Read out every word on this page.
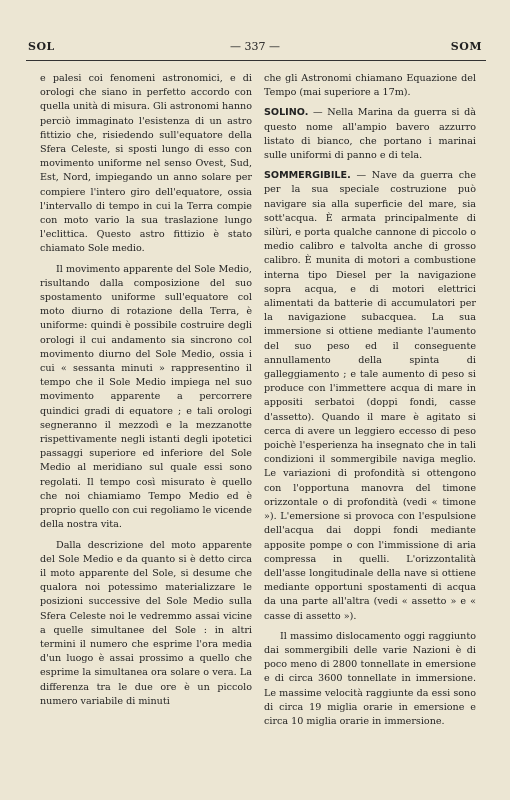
SOL	— 337 —	SOM

e palesi coi fenomeni astronomici, e di orologi che siano in perfetto accordo con quella unità di misura. Gli astronomi hanno perciò immaginato l'esistenza di un astro fittizio che, risiedendo sull'equatore della Sfera Celeste, si sposti lungo di esso con movimento uniforme nel senso Ovest, Sud, Est, Nord, impiegando un anno solare per compiere l'intero giro dell'equatore, ossia l'intervallo di tempo in cui la Terra compie con moto vario la sua traslazione lungo l'eclittica. Questo astro fittizio è stato chiamato Sole medio.

Il movimento apparente del Sole Medio, risultando dalla composizione del suo spostamento uniforme sull'equatore col moto diurno di rotazione della Terra, è uniforme: quindi è possibile costruire degli orologi il cui andamento sia sincrono col movimento diurno del Sole Medio, ossia i cui « sessanta minuti » rappresentino il tempo che il Sole Medio impiega nel suo movimento apparente a percorrere quindici gradi di equatore ; e tali orologi segneranno il mezzodì e la mezzanotte rispettivamente negli istanti degli ipotetici passaggi superiore ed inferiore del Sole Medio al meridiano sul quale essi sono regolati. Il tempo così misurato è quello che noi chiamiamo Tempo Medio ed è proprio quello con cui regoliamo le vicende della nostra vita.

Dalla descrizione del moto apparente del Sole Medio e da quanto si è detto circa il moto apparente del Sole, si desume che qualora noi potessimo materializzare le posizioni successive del Sole Medio sulla Sfera Celeste noi le vedremmo assai vicine a quelle simultanee del Sole : in altri termini il numero che esprime l'ora media d'un luogo è assai prossimo a quello che esprime la simultanea ora solare o vera. La differenza tra le due ore è un piccolo numero variabile di minuti

che gli Astronomi chiamano Equazione del Tempo (mai superiore a 17m).

SOLINO. — Nella Marina da guerra si dà questo nome all'ampio bavero azzurro listato di bianco, che portano i marinai sulle uniformi di panno e di tela.

SOMMERGIBILE. — Nave da guerra che per la sua speciale costruzione può navigare sia alla superficie del mare, sia sott'acqua. È armata principalmente di silùri, e porta qualche cannone di piccolo o medio calibro e talvolta anche di grosso calibro. È munita di motori a combustione interna tipo Diesel per la navigazione sopra acqua, e di motori elettrici alimentati da batterie di accumulatori per la navigazione subacquea. La sua immersione si ottiene mediante l'aumento del suo peso ed il conseguente annullamento della spinta di galleggiamento ; e tale aumento di peso si produce con l'immettere acqua di mare in appositi serbatoi (doppi fondi, casse d'assetto). Quando il mare è agitato si cerca di avere un leggiero eccesso di peso poichè l'esperienza ha insegnato che in tali condizioni il sommergibile naviga meglio. Le variazioni di profondità si ottengono con l'opportuna manovra del timone orizzontale o di profondità (vedi « timone »). L'emersione si provoca con l'espulsione dell'acqua dai doppi fondi mediante apposite pompe o con l'immissione di aria compressa in quelli. L'orizzontalità dell'asse longitudinale della nave si ottiene mediante opportuni spostamenti di acqua da una parte all'altra (vedi « assetto » e « casse di assetto »).

Il massimo dislocamento oggi raggiunto dai sommergibili delle varie Nazioni è di poco meno di 2800 tonnellate in emersione e di circa 3600 tonnellate in immersione. Le massime velocità raggiunte da essi sono di circa 19 miglia orarie in emersione e circa 10 miglia orarie in immersione.
